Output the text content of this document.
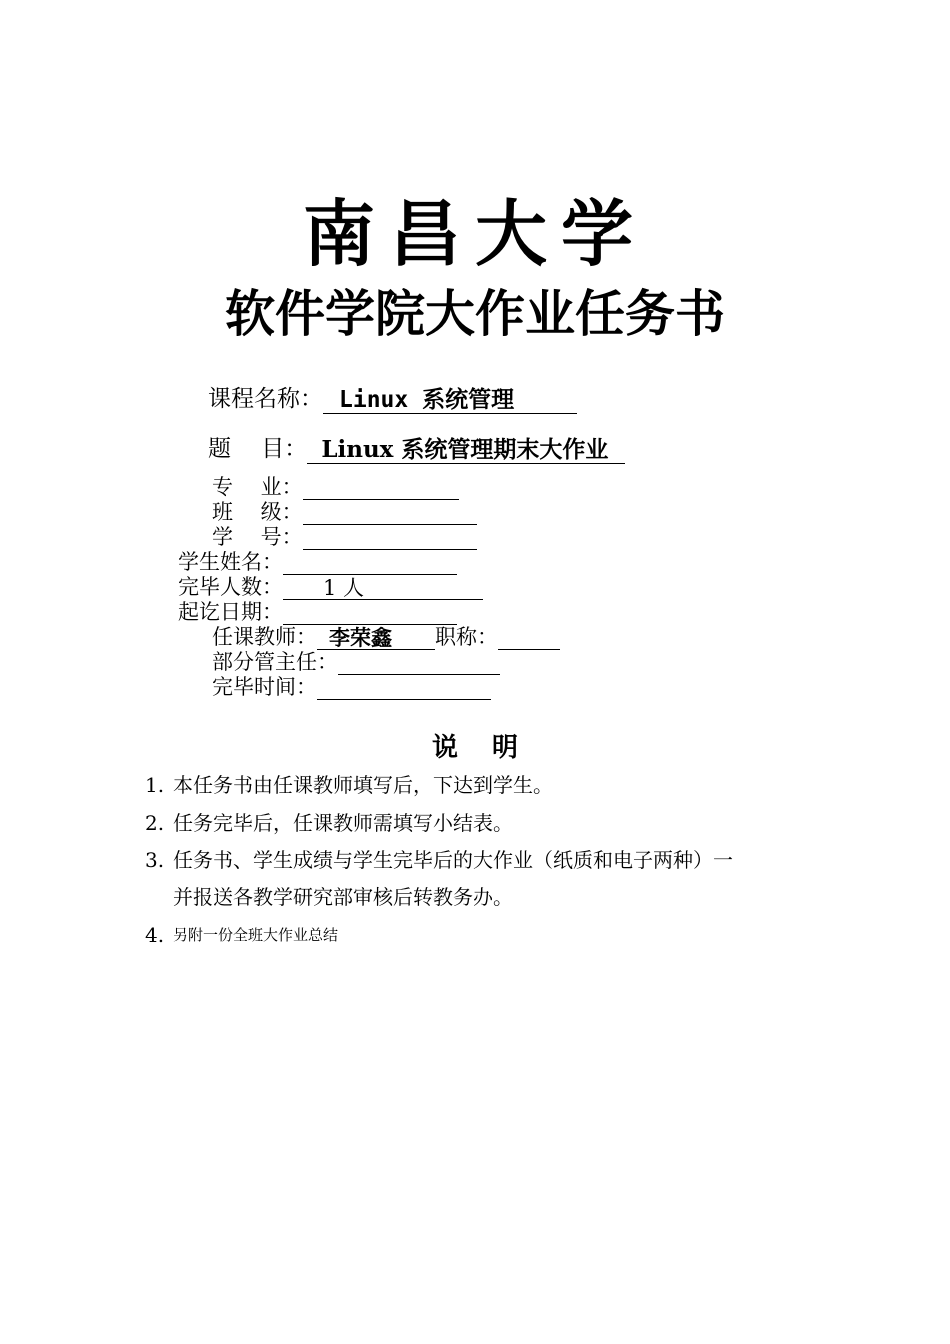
南昌大学
软件学院大作业任务书
课程名称： Linux 系统管理
题　 目： Linux 系统管理期末大作业
专　 业：
班　 级：
学　 号：
学生姓名：
完毕人数：	1 人
起讫日期：
任课教师： 李荣鑫	职称：
部分管主任：
完毕时间：
说明
1. 本任务书由任课教师填写后，下达到学生。
2. 任务完毕后，任课教师需填写小结表。
3. 任务书、学生成绩与学生完毕后的大作业（纸质和电子两种）一
并报送各教学研究部审核后转教务办。
4. 另附一份全班大作业总结
